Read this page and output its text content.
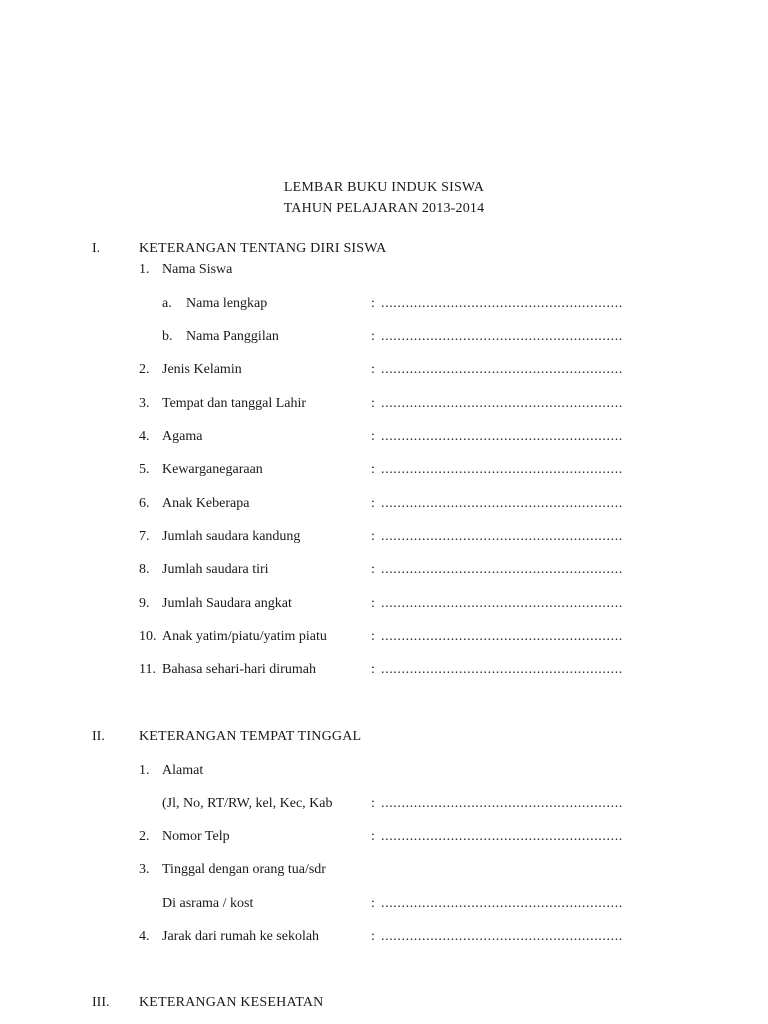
LEMBAR BUKU INDUK SISWA
TAHUN PELAJARAN 2013-2014
I.	KETERANGAN TENTANG DIRI SISWA
1. Nama Siswa
a. Nama lengkap	: ...........................................................
b. Nama Panggilan	: ...........................................................
2. Jenis Kelamin	: ...........................................................
3. Tempat dan tanggal Lahir	: ...........................................................
4. Agama	: ...........................................................
5. Kewarganegaraan	: ...........................................................
6. Anak Keberapa	: ...........................................................
7. Jumlah saudara kandung	: ...........................................................
8. Jumlah saudara tiri	: ...........................................................
9. Jumlah Saudara angkat	: ...........................................................
10. Anak yatim/piatu/yatim piatu	: ...........................................................
11. Bahasa sehari-hari dirumah	: ...........................................................
II. KETERANGAN TEMPAT TINGGAL
1. Alamat
(Jl, No, RT/RW, kel, Kec, Kab	: ...........................................................
2. Nomor Telp	: ...........................................................
3. Tinggal dengan orang tua/sdr
Di asrama / kost	: ...........................................................
4. Jarak dari rumah ke sekolah	: ...........................................................
III. KETERANGAN KESEHATAN
